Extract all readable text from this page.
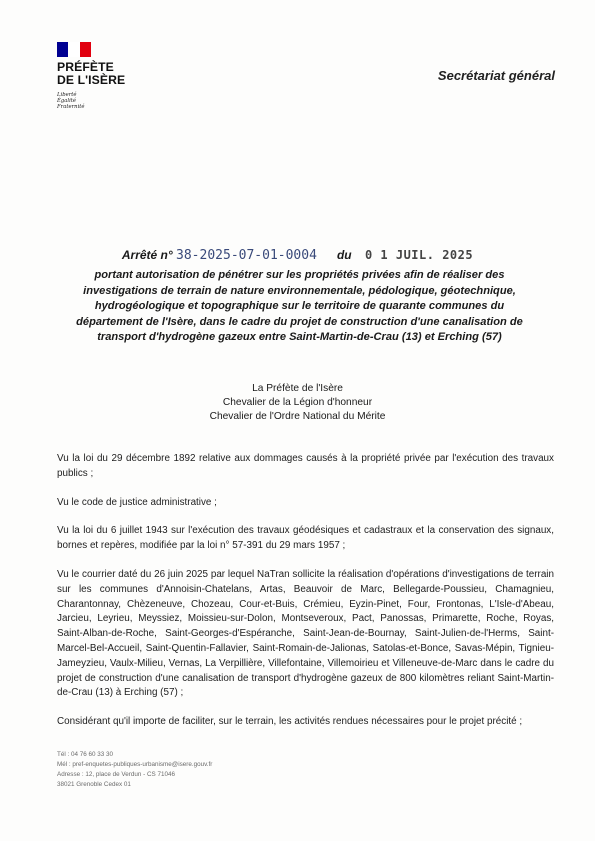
PRÉFÈTE
DE L'ISÈRE
Liberté
Égalité
Fraternité
Secrétariat général
Arrêté n° 38-2025-07-01-0004 du 0 1 JUIL. 2025
portant autorisation de pénétrer sur les propriétés privées afin de réaliser des investigations de terrain de nature environnementale, pédologique, géotechnique, hydrogéologique et topographique sur le territoire de quarante communes du département de l'Isère, dans le cadre du projet de construction d'une canalisation de transport d'hydrogène gazeux entre Saint-Martin-de-Crau (13) et Erching (57)
La Préfète de l'Isère
Chevalier de la Légion d'honneur
Chevalier de l'Ordre National du Mérite

Vu la loi du 29 décembre 1892 relative aux dommages causés à la propriété privée par l'exécution des travaux publics ;

Vu le code de justice administrative ;

Vu la loi du 6 juillet 1943 sur l'exécution des travaux géodésiques et cadastraux et la conservation des signaux, bornes et repères, modifiée par la loi n° 57-391 du 29 mars 1957 ;

Vu le courrier daté du 26 juin 2025 par lequel NaTran sollicite la réalisation d'opérations d'investigations de terrain sur les communes d'Annoisin-Chatelans, Artas, Beauvoir de Marc, Bellegarde-Poussieu, Chamagnieu, Charantonnay, Chèzeneuve, Chozeau, Cour-et-Buis, Crémieu, Eyzin-Pinet, Four, Frontonas, L'Isle-d'Abeau, Jarcieu, Leyrieu, Meyssiez, Moissieu-sur-Dolon, Montseveroux, Pact, Panossas, Primarette, Roche, Royas, Saint-Alban-de-Roche, Saint-Georges-d'Espéranche, Saint-Jean-de-Bournay, Saint-Julien-de-l'Herms, Saint-Marcel-Bel-Accueil, Saint-Quentin-Fallavier, Saint-Romain-de-Jalionas, Satolas-et-Bonce, Savas-Mépin, Tignieu-Jameyzieu, Vaulx-Milieu, Vernas, La Verpillière, Villefontaine, Villemoirieu et Villeneuve-de-Marc dans le cadre du projet de construction d'une canalisation de transport d'hydrogène gazeux de 800 kilomètres reliant Saint-Martin-de-Crau (13) à Erching (57) ;

Considérant qu'il importe de faciliter, sur le terrain, les activités rendues nécessaires pour le projet précité ;

Tél : 04 76 60 33 30
Mél : pref-enquetes-publiques-urbanisme@isere.gouv.fr
Adresse : 12, place de Verdun - CS 71046
38021 Grenoble Cedex 01
